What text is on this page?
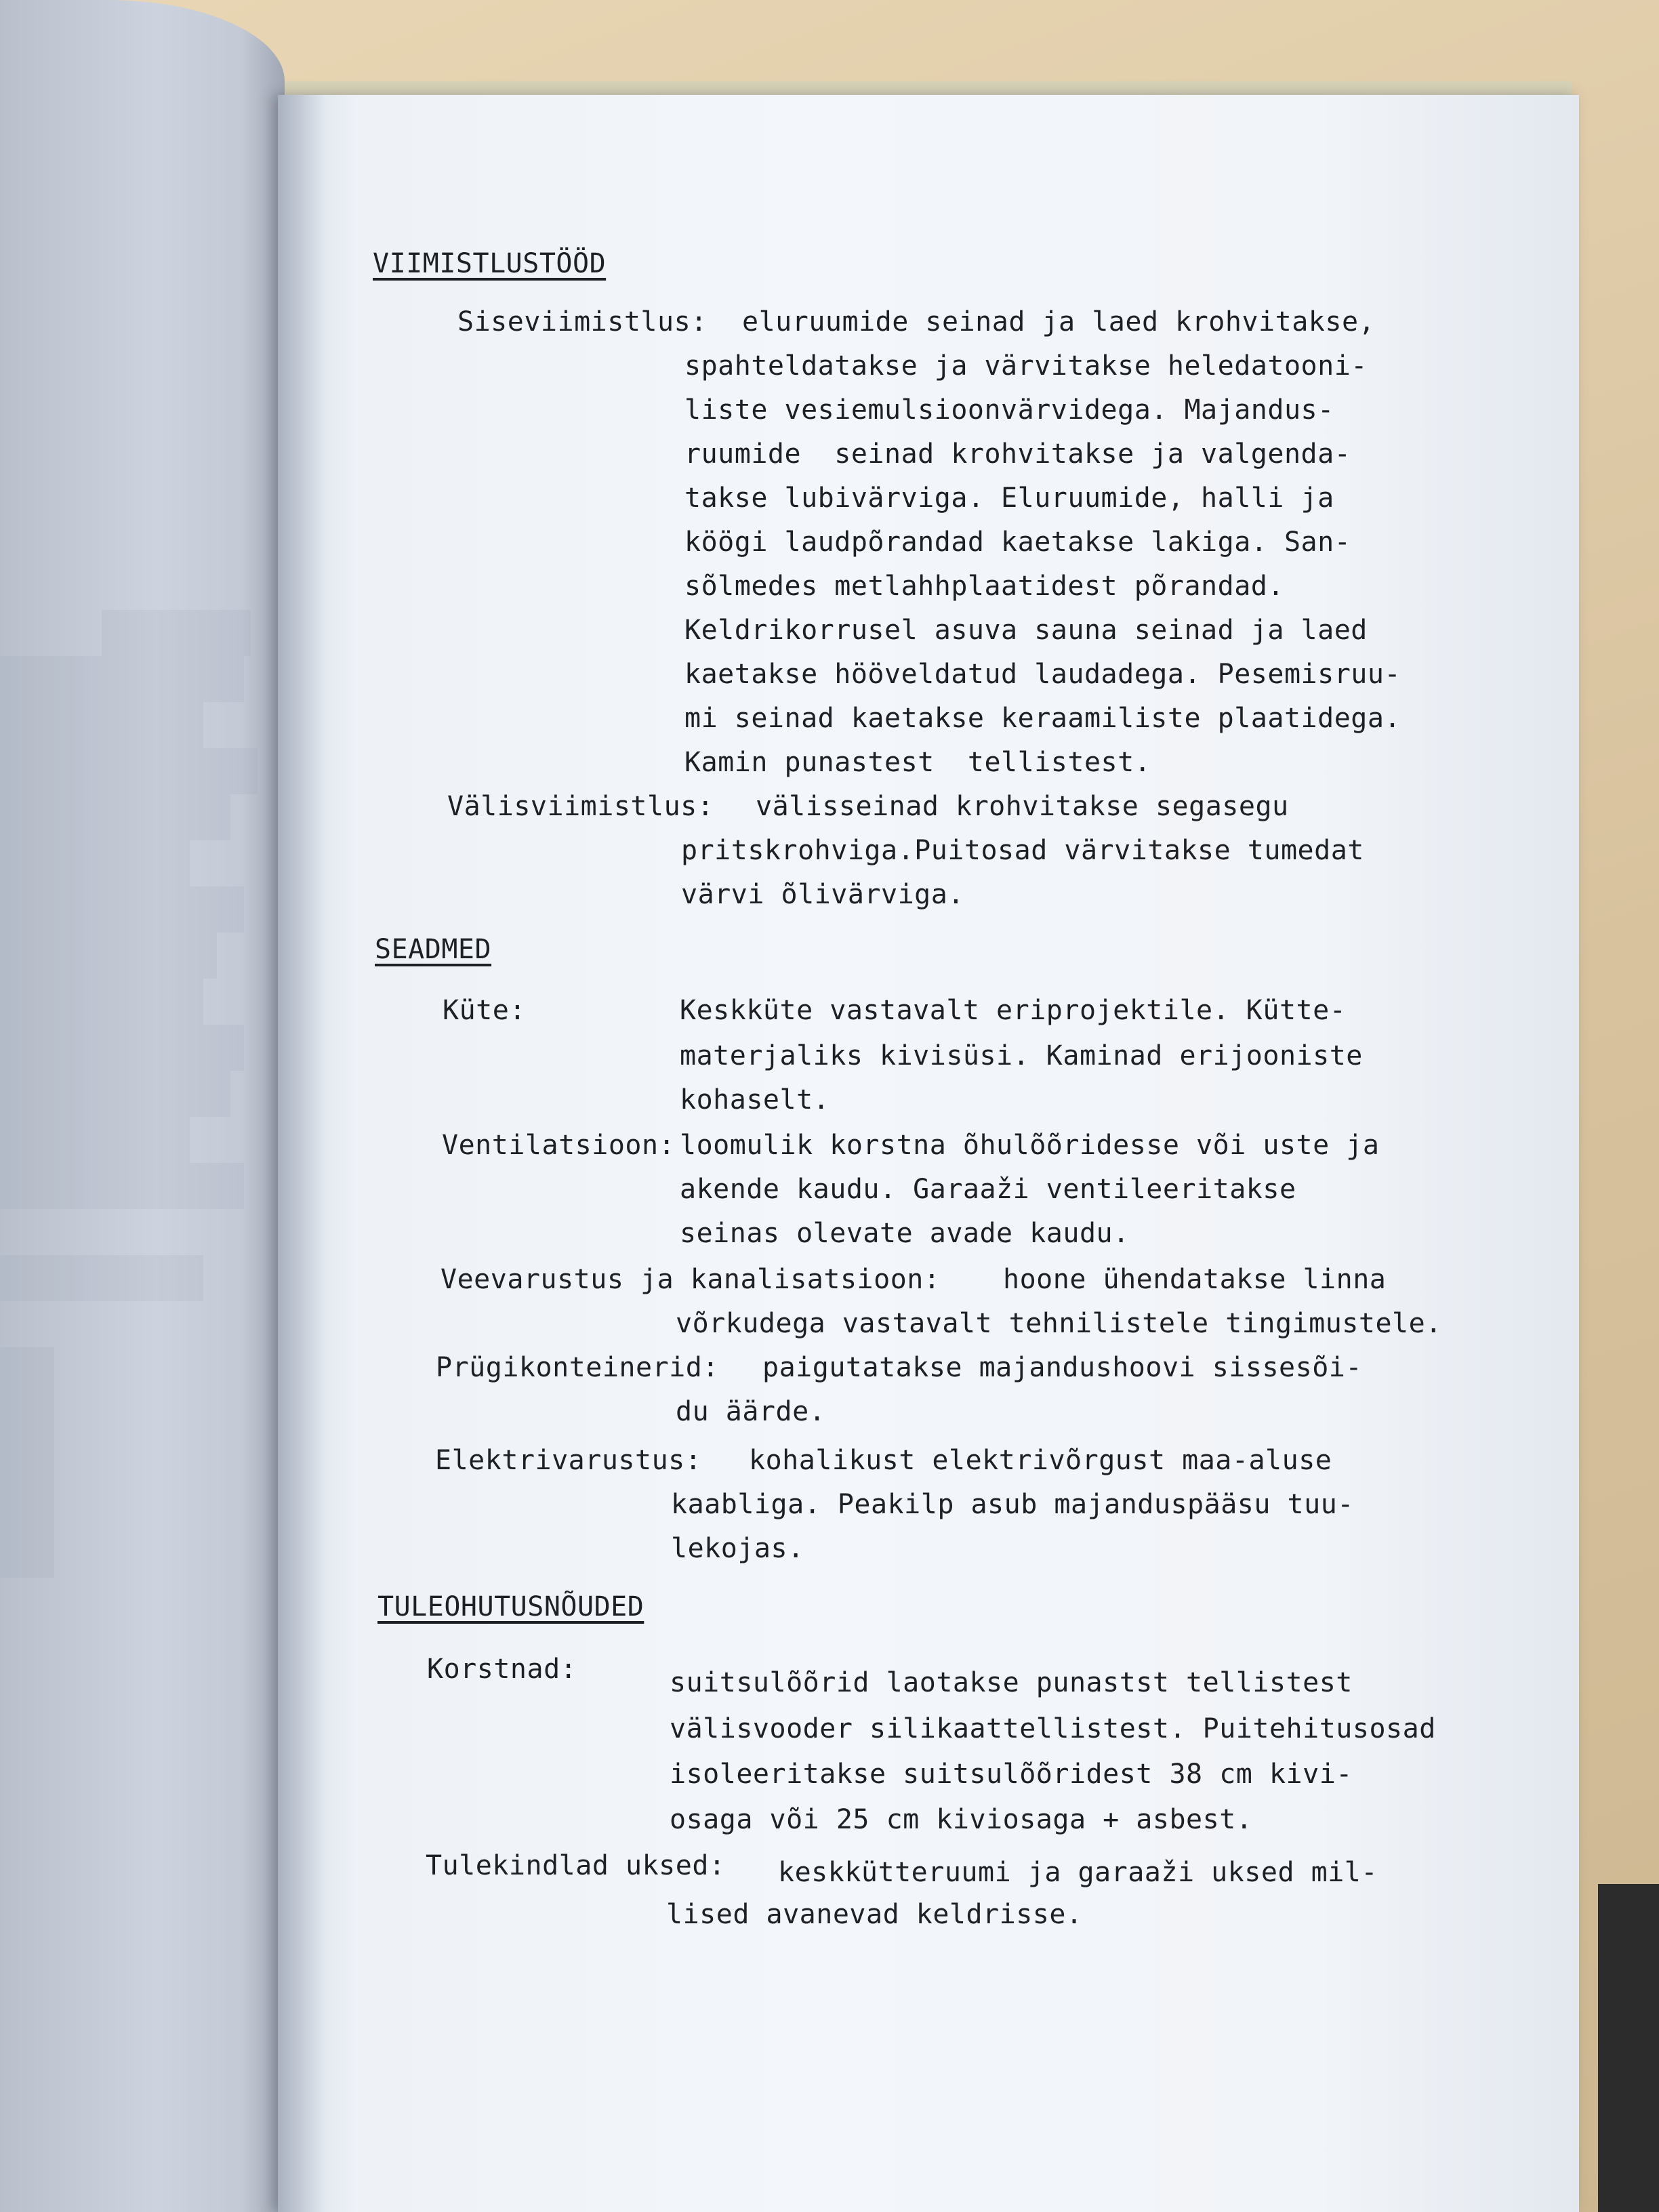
VIIMISTLUSTÖÖD

Siseviimistlus:

eluruumide seinad ja laed krohvitakse,

spahteldatakse ja värvitakse heledatooni-

liste vesiemulsioonvärvidega. Majandus-

ruumide  seinad krohvitakse ja valgenda-

takse lubivärviga. Eluruumide, halli ja

köögi laudpõrandad kaetakse lakiga. San-

sõlmedes metlahhplaatidest põrandad.

Keldrikorrusel asuva sauna seinad ja laed

kaetakse hööveldatud laudadega. Pesemisruu-

mi seinad kaetakse keraamiliste plaatidega.

Kamin punastest  tellistest.

Välisviimistlus:

välisseinad krohvitakse segasegu

pritskrohviga.Puitosad värvitakse tumedat

värvi õlivärviga.

SEADMED

Küte:

	Keskküte vastavalt eriprojektile. Kütte-

materjaliks kivisüsi. Kaminad erijooniste

kohaselt.

Ventilatsioon:

loomulik korstna õhulõõridesse või uste ja

akende kaudu. Garaaži ventileeritakse

seinas olevate avade kaudu.

Veevarustus ja kanalisatsioon:

hoone ühendatakse linna

võrkudega vastavalt tehnilistele tingimustele.

Prügikonteinerid:

paigutatakse majandushoovi sissesõi-

du äärde.

Elektrivarustus:

kohalikust elektrivõrgust maa-aluse

kaabliga. Peakilp asub majanduspääsu tuu-

lekojas.

TULEOHUTUSNÕUDED

Korstnad:

	suitsulõõrid laotakse punastst tellistest

välisvooder silikaattellistest. Puitehitusosad

isoleeritakse suitsulõõridest 38 cm kivi-

osaga või 25 cm kiviosaga + asbest.

Tulekindlad uksed:

keskkütteruumi ja garaaži uksed mil-

lised avanevad keldrisse.
